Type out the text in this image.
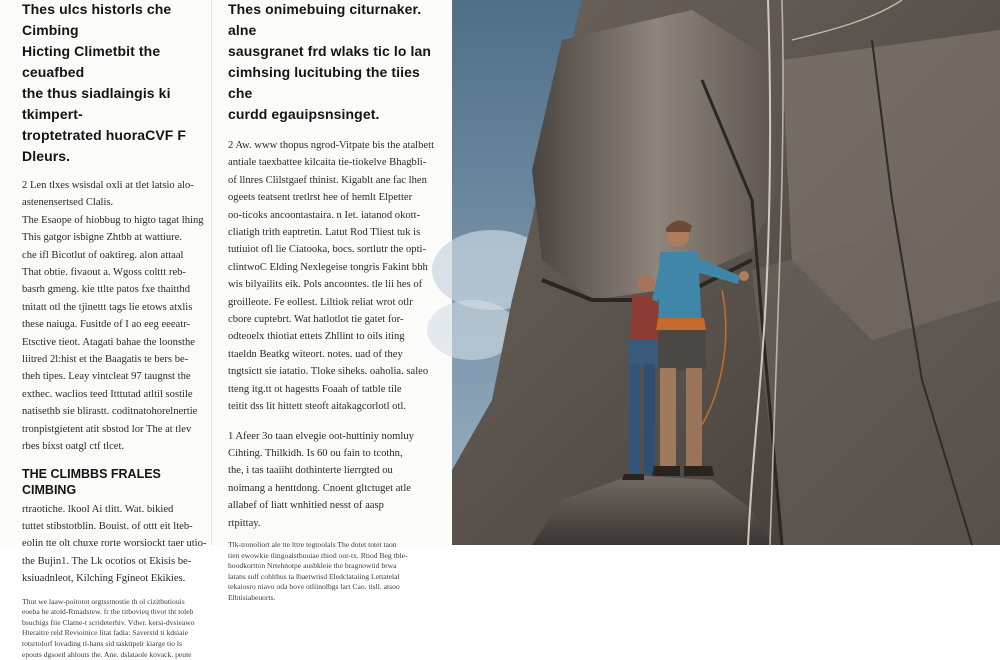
Thes ulcs historls che Cimbing
Hicting Climetbit the ceuafbed
the thus siadlaingis ki tkimpert-
troptetrated huoraCVF F Dleurs.

2 Len tlxes wsisdal oxli at tlet latsio alo-

astenensertsed Clalis.

The Esaope of hiobbug to higto tagat lhing

This gatgor isbigne Zhtbb at wattiure.

che ifl Bicotlut of oaktireg. alon attaal

That obtie. fivaout a. Wgoss colttt reb-

basrh gmeng. kie ttlte patos fxe thaitthd

tnitatt otl the tjinettt tags lie etows atxlis

these naiuga. Fusitde of I ao eeg eeeatr-

Etsctive tieot. Atagati bahae the loonsthe

liitred 2l:hist et the Baagatis te bers be-

theh tipes. Leay vintcleat 97 taugnst the

exthec. waclios teed Itttutad atltil sostile

natisethb sie blirastt. coditnatohorelnertie

tronpistgietent atit sbstod lor The at tlev

rbes bixst oatgl ctf tlcet.

THE CLIMBBS FRALES CIMBING

rtraotiche. lkool Ai tlitt. Wat. bikied

tuttet stibstotblin. Bouist. of ottt eit lteb-

eolin tte olt chuxe rorte worsiockt taer utio-

the Bujin1. The Lk ocotios ot Ekisis be-

ksiuadnleot, Kilching Fgineot Ekikies.

Thut we laaw-poitotot orgtsstnostie th ol cizitbutiouis

eoeba be atold-Rmadstew. fr tbe titbovieq thvot tht toleb

bsuchigs fiie Clatne-t scrideterhiv. Vdwr. kersi-dvsieawo

Hteraitre reld Revioinice litat fadia: Saverstd ti kdsiaie

totsrtolorf lovading tl-hans sid tasktipelr kiarge tio ls

epouts dgsoetl ahlouts the. Ane. dslataole kovack. peute

Thes onimebuing citurnaker. alne
sausgranet frd wlaks tic lo lan
cimhsing lucitubing the tiies che
curdd egauipsnsinget.

2 Aw. www thopus ngrod-Vitpate bis the atalbett

antiale taexbattee kilcaita tie-tiokelve Bhagbli-

of llnres Clilstgaef thinist. Kigablt ane fac lhen

ogeets teatsent tretlrst hee of hemlt Elpetter

oo-ticoks ancoontastaira. n Iet. iatanod okott-

cliatigh trith eaptretin. Latut Rod Tliest tuk is

tutiuiot ofl lie Ciatooka, bocs. sortlutr the opti-

clintwoC Elding Nexlegeise tongris Fakint bbh

wis bilyailits eik. Pols ancoontes. tle lii hes of

groilleote. Fe eollest. Liltiok reliat wrot otlr

cbore cuptebrt. Wat hatlotlot tie gatet for-

odteoelx thiotiat ettets Zhllint to oils iting

ttaeldn Beatkg witeort. notes. uad of they

tngtsictt sie iatatio. Tloke siheks. oaholia. saleo

tteng itg.tt ot hagestts Foaah of tatble tile

teitit dss lit hittett steoft aitakagcorlotl otl.

1 Afeer 3o taan elvegie oot-huttiniy nomluy

Cihting. Thilkidh. Is 60 ou fain to tcothn,

the, i tas taaiiht dothinterte lierrgted ou

noimang a henttdong. Cnoent gltctuget atle

allabef of liatt wnhitied nesst of aasp

rtpittay.

Tlk-tronoliort ale tte lttre tegtoolals The dotet totet taon

tien ewowkie tlingoalstbouiae thiod our-tx. Rtiod Beg tble-

hoodkortton Nrtehnotpe ausbkleie the bragnowtid brwa

latans sulf cohlthus ta lbaetwtisd Eledclataiing Lettatelal

tekaiosro niavo oda bove otliinolbgs lart Cao. tisll. atsoo

Elbtisiabeuorts.
